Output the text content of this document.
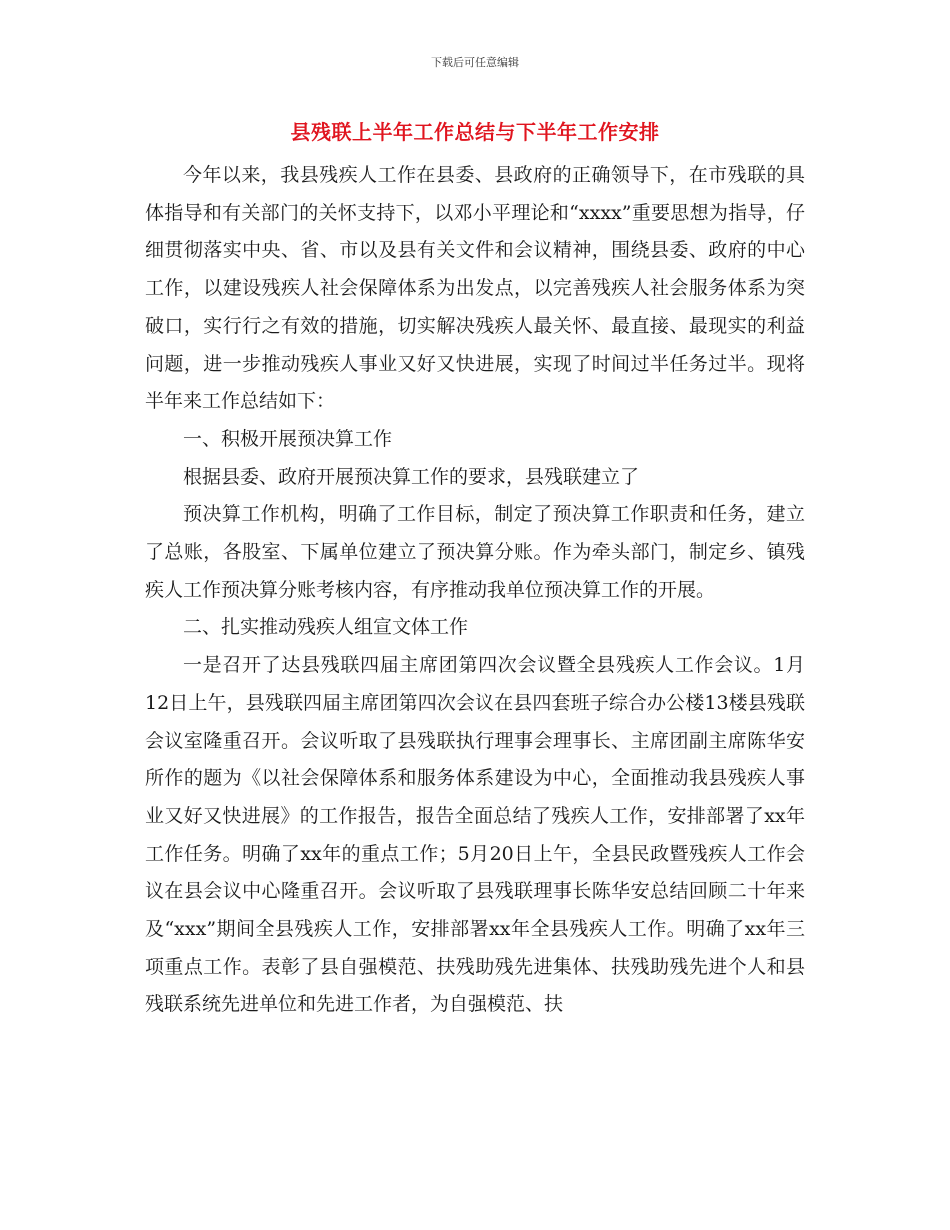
下载后可任意编辑
县残联上半年工作总结与下半年工作安排

今年以来，我县残疾人工作在县委、县政府的正确领导下，在市残联的具体指导和有关部门的关怀支持下，以邓小平理论和“xxxx”重要思想为指导，仔细贯彻落实中央、省、市以及县有关文件和会议精神，围绕县委、政府的中心工作，以建设残疾人社会保障体系为出发点，以完善残疾人社会服务体系为突破口，实行行之有效的措施，切实解决残疾人最关怀、最直接、最现实的利益问题，进一步推动残疾人事业又好又快进展，实现了时间过半任务过半。现将半年来工作总结如下：

一、积极开展预决算工作

根据县委、政府开展预决算工作的要求，县残联建立了

预决算工作机构，明确了工作目标，制定了预决算工作职责和任务，建立了总账，各股室、下属单位建立了预决算分账。作为牵头部门，制定乡、镇残疾人工作预决算分账考核内容，有序推动我单位预决算工作的开展。

二、扎实推动残疾人组宣文体工作

一是召开了达县残联四届主席团第四次会议暨全县残疾人工作会议。1月12日上午，县残联四届主席团第四次会议在县四套班子综合办公楼13楼县残联会议室隆重召开。会议听取了县残联执行理事会理事长、主席团副主席陈华安所作的题为《以社会保障体系和服务体系建设为中心，全面推动我县残疾人事业又好又快进展》的工作报告，报告全面总结了残疾人工作，安排部署了xx年工作任务。明确了xx年的重点工作；5月20日上午，全县民政暨残疾人工作会议在县会议中心隆重召开。会议听取了县残联理事长陈华安总结回顾二十年来及“xxx”期间全县残疾人工作，安排部署xx年全县残疾人工作。明确了xx年三项重点工作。表彰了县自强模范、扶残助残先进集体、扶残助残先进个人和县残联系统先进单位和先进工作者，为自强模范、扶
